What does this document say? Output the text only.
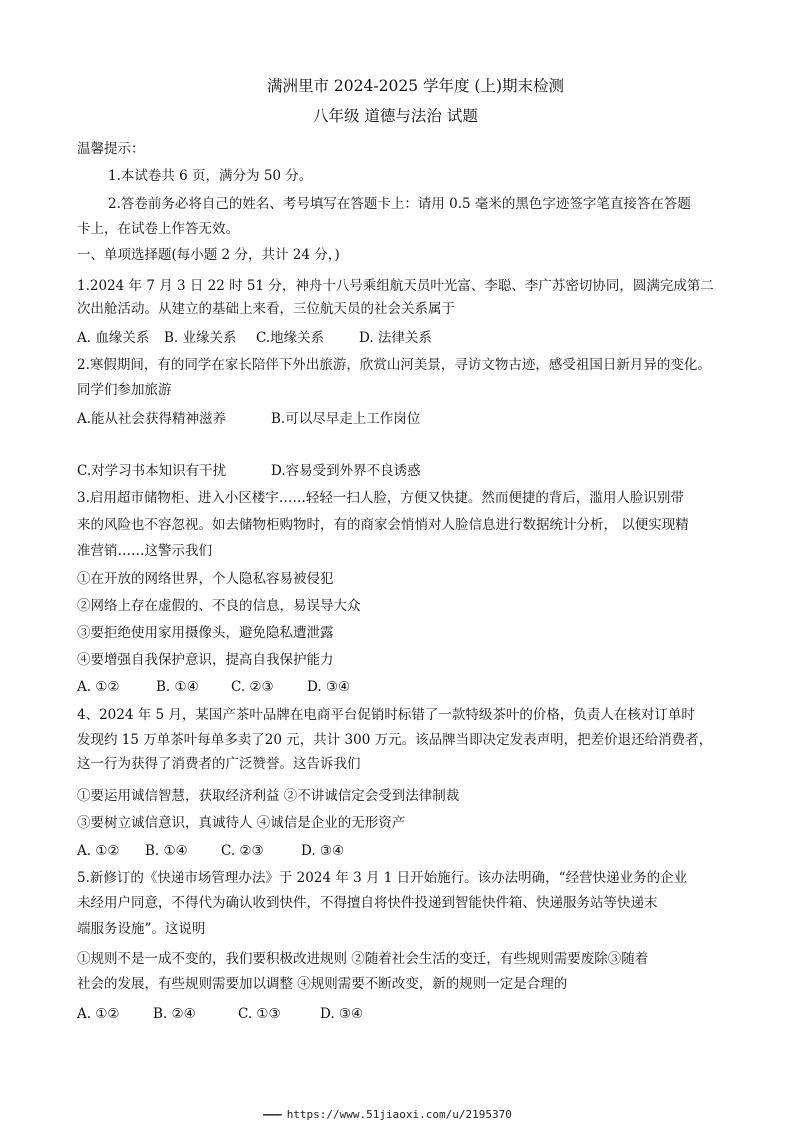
满洲里市 2024-2025 学年度 (上)期末检测
八年级 道德与法治 试题
温馨提示：
1.本试卷共 6 页，满分为 50 分。
2.答卷前务必将自己的姓名、考号填写在答题卡上：请用 0.5 毫米的黑色字迹签字笔直接答在答题
卡上，在试卷上作答无效。
一、单项选择题(每小题 2 分，共计 24 分，)
1.2024 年 7 月 3 日 22 时 51 分，神舟十八号乘组航天员叶光富、李聪、李广苏密切协同，圆满完成第二
次出舱活动。从建立的基础上来看，三位航天员的社会关系属于
A. 血缘关系 B. 业缘关系 C.地缘关系	D. 法律关系
2.寒假期间，有的同学在家长陪伴下外出旅游，欣赏山河美景，寻访文物古迹，感受祖国日新月异的变化。
同学们参加旅游
A.能从社会获得精神滋养	B.可以尽早走上工作岗位
C.对学习书本知识有干扰	D.容易受到外界不良诱惑
3.启用超市储物柜、进入小区楼宇……轻轻一扫人脸，方便又快捷。然而便捷的背后，滥用人脸识别带
来的风险也不容忽视。如去储物柜购物时，有的商家会悄悄对人脸信息进行数据统计分析， 以便实现精
准营销……这警示我们
①在开放的网络世界，个人隐私容易被侵犯
②网络上存在虚假的、不良的信息，易误导大众
③要拒绝使用家用摄像头，避免隐私遭泄露
④要增强自我保护意识，提高自我保护能力
A. ①②	B. ①④ C. ②③ D. ③④
4、2024 年 5 月，某国产茶叶品牌在电商平台促销时标错了一款特级茶叶的价格，负责人在核对订单时
发现约 15 万单茶叶每单多卖了20 元，共计 300 万元。该品牌当即决定发表声明，把差价退还给消费者，
这一行为获得了消费者的广泛赞誉。这告诉我们
①要运用诚信智慧，获取经济利益 ②不讲诚信定会受到法律制裁
③要树立诚信意识，真诚待人 ④诚信是企业的无形资产
A. ①② B. ①④ C. ②③	D. ③④
5.新修订的《快递市场管理办法》于 2024 年 3 月 1 日开始施行。该办法明确，“经营快递业务的企业
未经用户同意，不得代为确认收到快件，不得擅自将快件投递到智能快件箱、快递服务站等快递末
端服务设施”。这说明
①规则不是一成不变的，我们要积极改进规则 ②随着社会生活的变迁，有些规则需要废除③随着
社会的发展，有些规则需要加以调整 ④规则需要不断改变，新的规则一定是合理的
A. ①② B. ②④	C. ①③	D. ③④
━━━━ https://www.51jiaoxi.com/u/2195370
